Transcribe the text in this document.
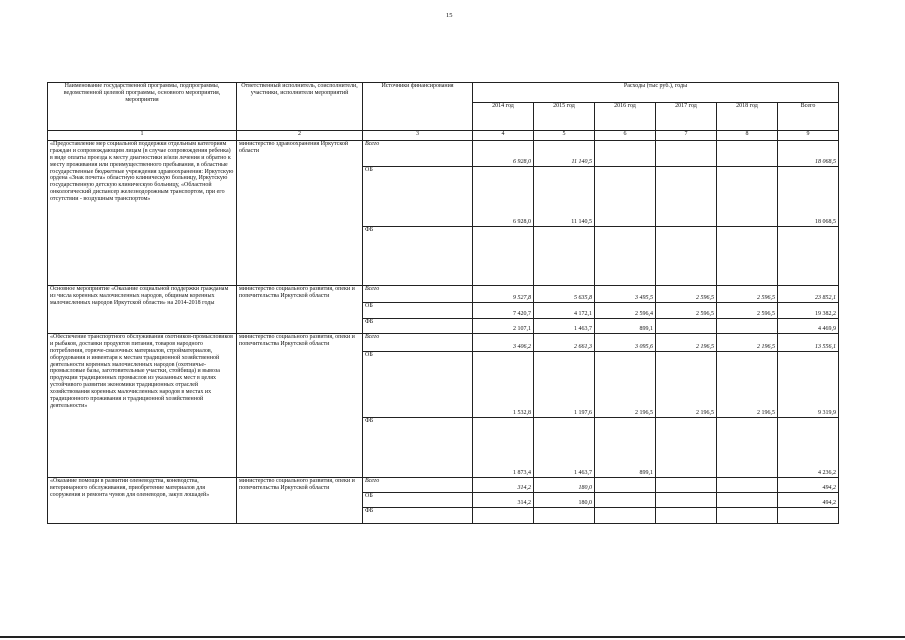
15
Наименование государственной программы, подпрограммы, ведомственной целевой программы, основного мероприятия, мероприятия	Ответственный исполнитель, соисполнители, участники, исполнители мероприятий	Источники финансирования	Расходы (тыс руб.), годы					
			2014 год	2015 год	2016 год	2017 год	2018 год	Всего
1	2	3	4	5	6	7	8	9
«Предоставление мер социальной поддержки отдельным категориям граждан и сопровождающим лицам (в случае сопровождения ребенка) в виде оплаты проезда к месту диагностики и/или лечения и обратно к месту проживания или преимущественного пребывания, в областные государственные бюджетные учреждения здравоохранения: Иркутскую ордена «Знак почета» областную клиническую больницу, Иркутскую государственную детскую клиническую больницу, «Областной онкологический диспансер железнодорожным транспортом, при его отсутствии - воздушным транспортом»	министерство здравоохранения Иркутской области	Всего	6 928,0	11 140,5				18 068,5
		ОБ	6 928,0	11 140,5				18 068,5
		ФБ						
Основное мероприятие «Оказание социальной поддержки гражданам из числа коренных малочисленных народов, общинам коренных малочисленных народов Иркутской области» на 2014-2018 годы	министерство социального развития, опеки и попечительства Иркутской области	Всего	9 527,8	5 635,8	3 495,5	2 596,5	2 596,5	23 852,1
		ОБ	7 420,7	4 172,1	2 596,4	2 596,5	2 596,5	19 382,2
		ФБ	2 107,1	1 463,7	899,1			4 469,9
«Обеспечение транспортного обслуживания охотников-промысловиков и рыбаков, доставки продуктов питания, товаров народного потребления, горюче-смазочных материалов, стройматериалов, оборудования и инвентаря к местам традиционной хозяйственной деятельности коренных малочисленных народов (охотничье-промысловые базы, заготовительные участки, стойбища) и вывоза продукции традиционных промыслов из указанных мест в целях устойчивого развития экономики традиционных отраслей хозяйствования коренных малочисленных народов в местах их традиционного проживания и традиционной хозяйственной деятельности»	министерство социального развития, опеки и попечительства Иркутской области	Всего	3 406,2	2 661,3	3 095,6	2 196,5	2 196,5	13 556,1
		ОБ	1 532,8	1 197,6	2 196,5	2 196,5	2 196,5	9 319,9
		ФБ	1 873,4	1 463,7	899,1			4 236,2
«Оказание помощи в развитии оленеводства, коневодства, ветеринарного обслуживания, приобретение материалов для сооружения и ремонта чумов для оленеводов, закуп лошадей»	министерство социального развития, опеки и попечительства Иркутской области	Всего	314,2	180,0				494,2
		ОБ	314,2	180,0				494,2
		ФБ						
